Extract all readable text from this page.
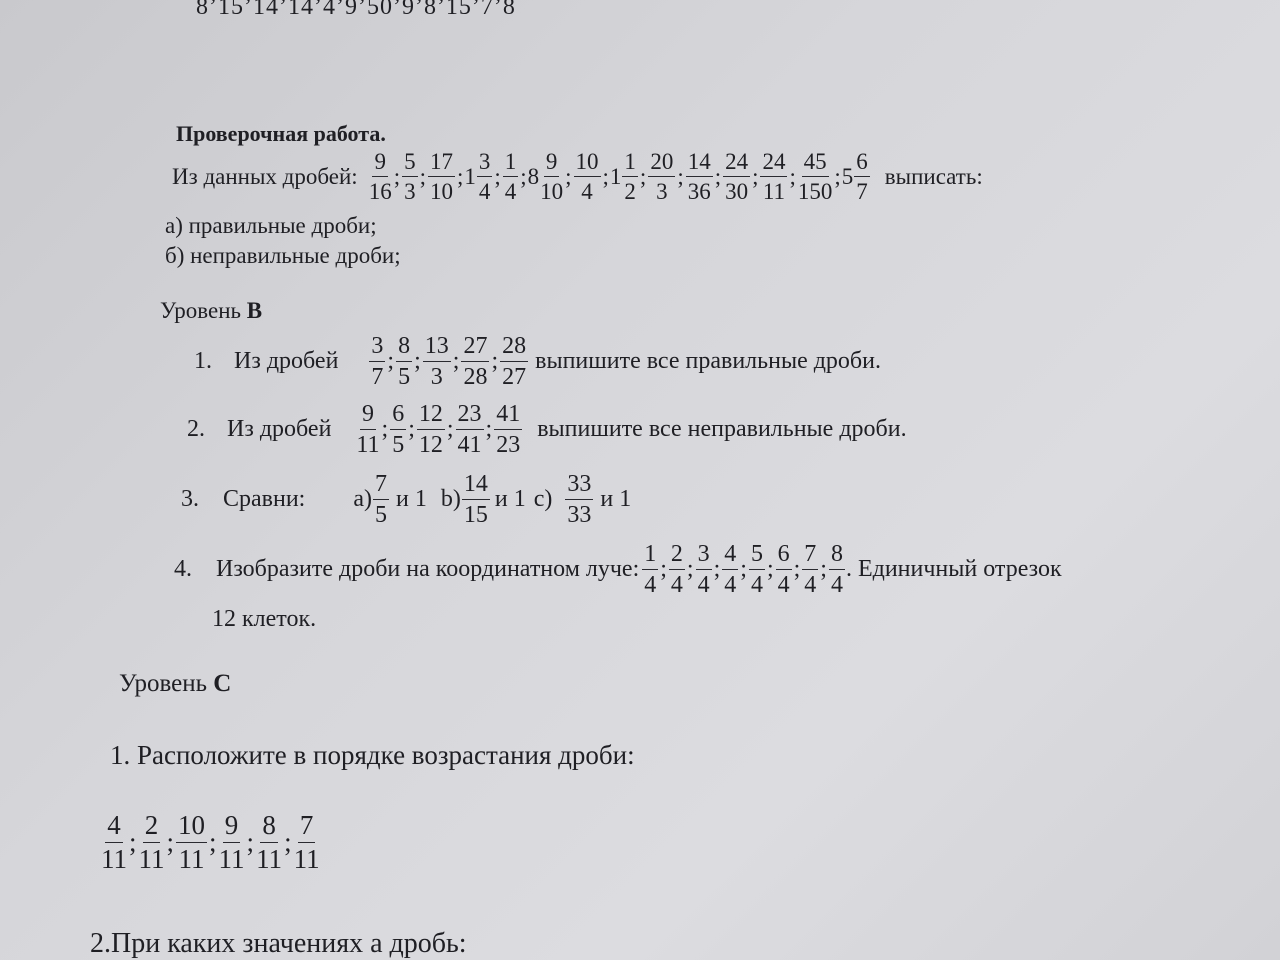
8’15’14’14’4’9’50’9’8’15’7’8
Проверочная работа.
Из данных дробей: $\frac{9}{16}$ ; $\frac{5}{3}$ ; $\frac{17}{10}$ ; $1 \frac{3}{4}$ ; $\frac{1}{4}$ ; $8 \frac{9}{10}$ ; $\frac{10}{4}$ ; $1 \frac{1}{2}$ ; $\frac{20}{3}$ ; $\frac{14}{36}$ ; $\frac{24}{30}$ ; $\frac{24}{11}$ ; $\frac{45}{150}$ ; $5 \frac{6}{7}$ выписать:
а) правильные дроби;
б) неправильные дроби;
Уровень В
1. Из дробей $\frac{3}{7}$ ; $\frac{8}{5}$ ; $\frac{13}{3}$ ; $\frac{27}{28}$ ; $\frac{28}{27}$ выпишите все правильные дроби.
2. Из дробей $\frac{9}{11}$ ; $\frac{6}{5}$ ; $\frac{12}{12}$ ; $\frac{23}{41}$ ; $\frac{41}{23}$ выпишите все неправильные дроби.
3.	Сравни: $а) \frac{7}{5}$ и 1 $b) \frac{14}{15}$ и 1 $c) \frac{33}{33}$ и 1
4.	Изобразите дроби на координатном луче: $\frac{1}{4}$ ; $\frac{2}{4}$ ; $\frac{3}{4}$ ; $\frac{4}{4}$ ; $\frac{5}{4}$ ; $\frac{6}{4}$ ; $\frac{7}{4}$ ; $\frac{8}{4}$ . Единичный отрезок
12 клеток.
Уровень С
1. Расположите в порядке возрастания дроби:
$\frac{4}{11}$ ; $\frac{2}{11}$ ; $\frac{10}{11}$ ; $\frac{9}{11}$ ; $\frac{8}{11}$ ; $\frac{7}{11}$
2.При каких значениях а дробь:
